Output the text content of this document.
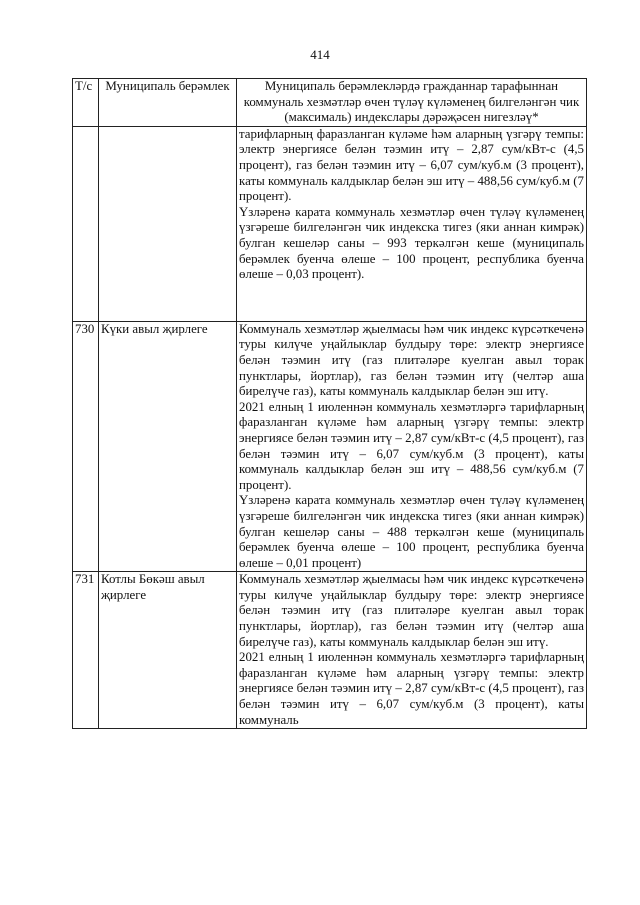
414
Т/с	Муниципаль берәмлек	Муниципаль берәмлекләрдә гражданнар тарафыннан коммуналь хезмәтләр өчен түләү күләменең билгеләнгән чик (максималь) индекслары дәрәҗәсен нигезләү*

		тарифларның фаразланган күләме һәм аларның үзгәрү темпы: электр энергиясе белән тәэмин итү – 2,87 сум/кВт-с (4,5 процент), газ белән тәэмин итү – 6,07 сум/куб.м (3 процент), каты коммуналь калдыклар белән эш итү – 488,56 сум/куб.м (7 процент).

Үзләренә карата коммуналь хезмәтләр өчен түләү күләменең үзгәреше билгеләнгән чик индекска тигез (яки аннан кимрәк) булган кешеләр саны – 993 теркәлгән кеше (муниципаль берәмлек буенча өлеше – 100 процент, республика буенча өлеше – 0,03 процент).

730	Күки авыл җирлеге	Коммуналь хезмәтләр җыелмасы һәм чик индекс күрсәткеченә туры килүче уңайлыклар булдыру төре: электр энергиясе белән тәэмин итү (газ плитәләре куелган авыл торак пунктлары, йортлар), газ белән тәэмин итү (челтәр аша бирелүче газ), каты коммуналь калдыклар белән эш итү.

2021 елның 1 июленнән коммуналь хезмәтләргә тарифларның фаразланган күләме һәм аларның үзгәрү темпы: электр энергиясе белән тәэмин итү – 2,87 сум/кВт-с (4,5 процент), газ белән тәэмин итү – 6,07 сум/куб.м (3 процент), каты коммуналь калдыклар белән эш итү – 488,56 сум/куб.м (7 процент).

Үзләренә карата коммуналь хезмәтләр өчен түләү күләменең үзгәреше билгеләнгән чик индекска тигез (яки аннан кимрәк) булган кешеләр саны – 488 теркәлгән кеше (муниципаль берәмлек буенча өлеше – 100 процент, республика буенча өлеше – 0,01 процент)

731	Котлы Бөкәш авыл җирлеге	Коммуналь хезмәтләр җыелмасы һәм чик индекс күрсәткеченә туры килүче уңайлыклар булдыру төре: электр энергиясе белән тәэмин итү (газ плитәләре куелган авыл торак пунктлары, йортлар), газ белән тәэмин итү (челтәр аша бирелүче газ), каты коммуналь калдыклар белән эш итү.

2021 елның 1 июленнән коммуналь хезмәтләргә тарифларның фаразланган күләме һәм аларның үзгәрү темпы: электр энергиясе белән тәэмин итү – 2,87 сум/кВт-с (4,5 процент), газ белән тәэмин итү – 6,07 сум/куб.м (3 процент), каты коммуналь
